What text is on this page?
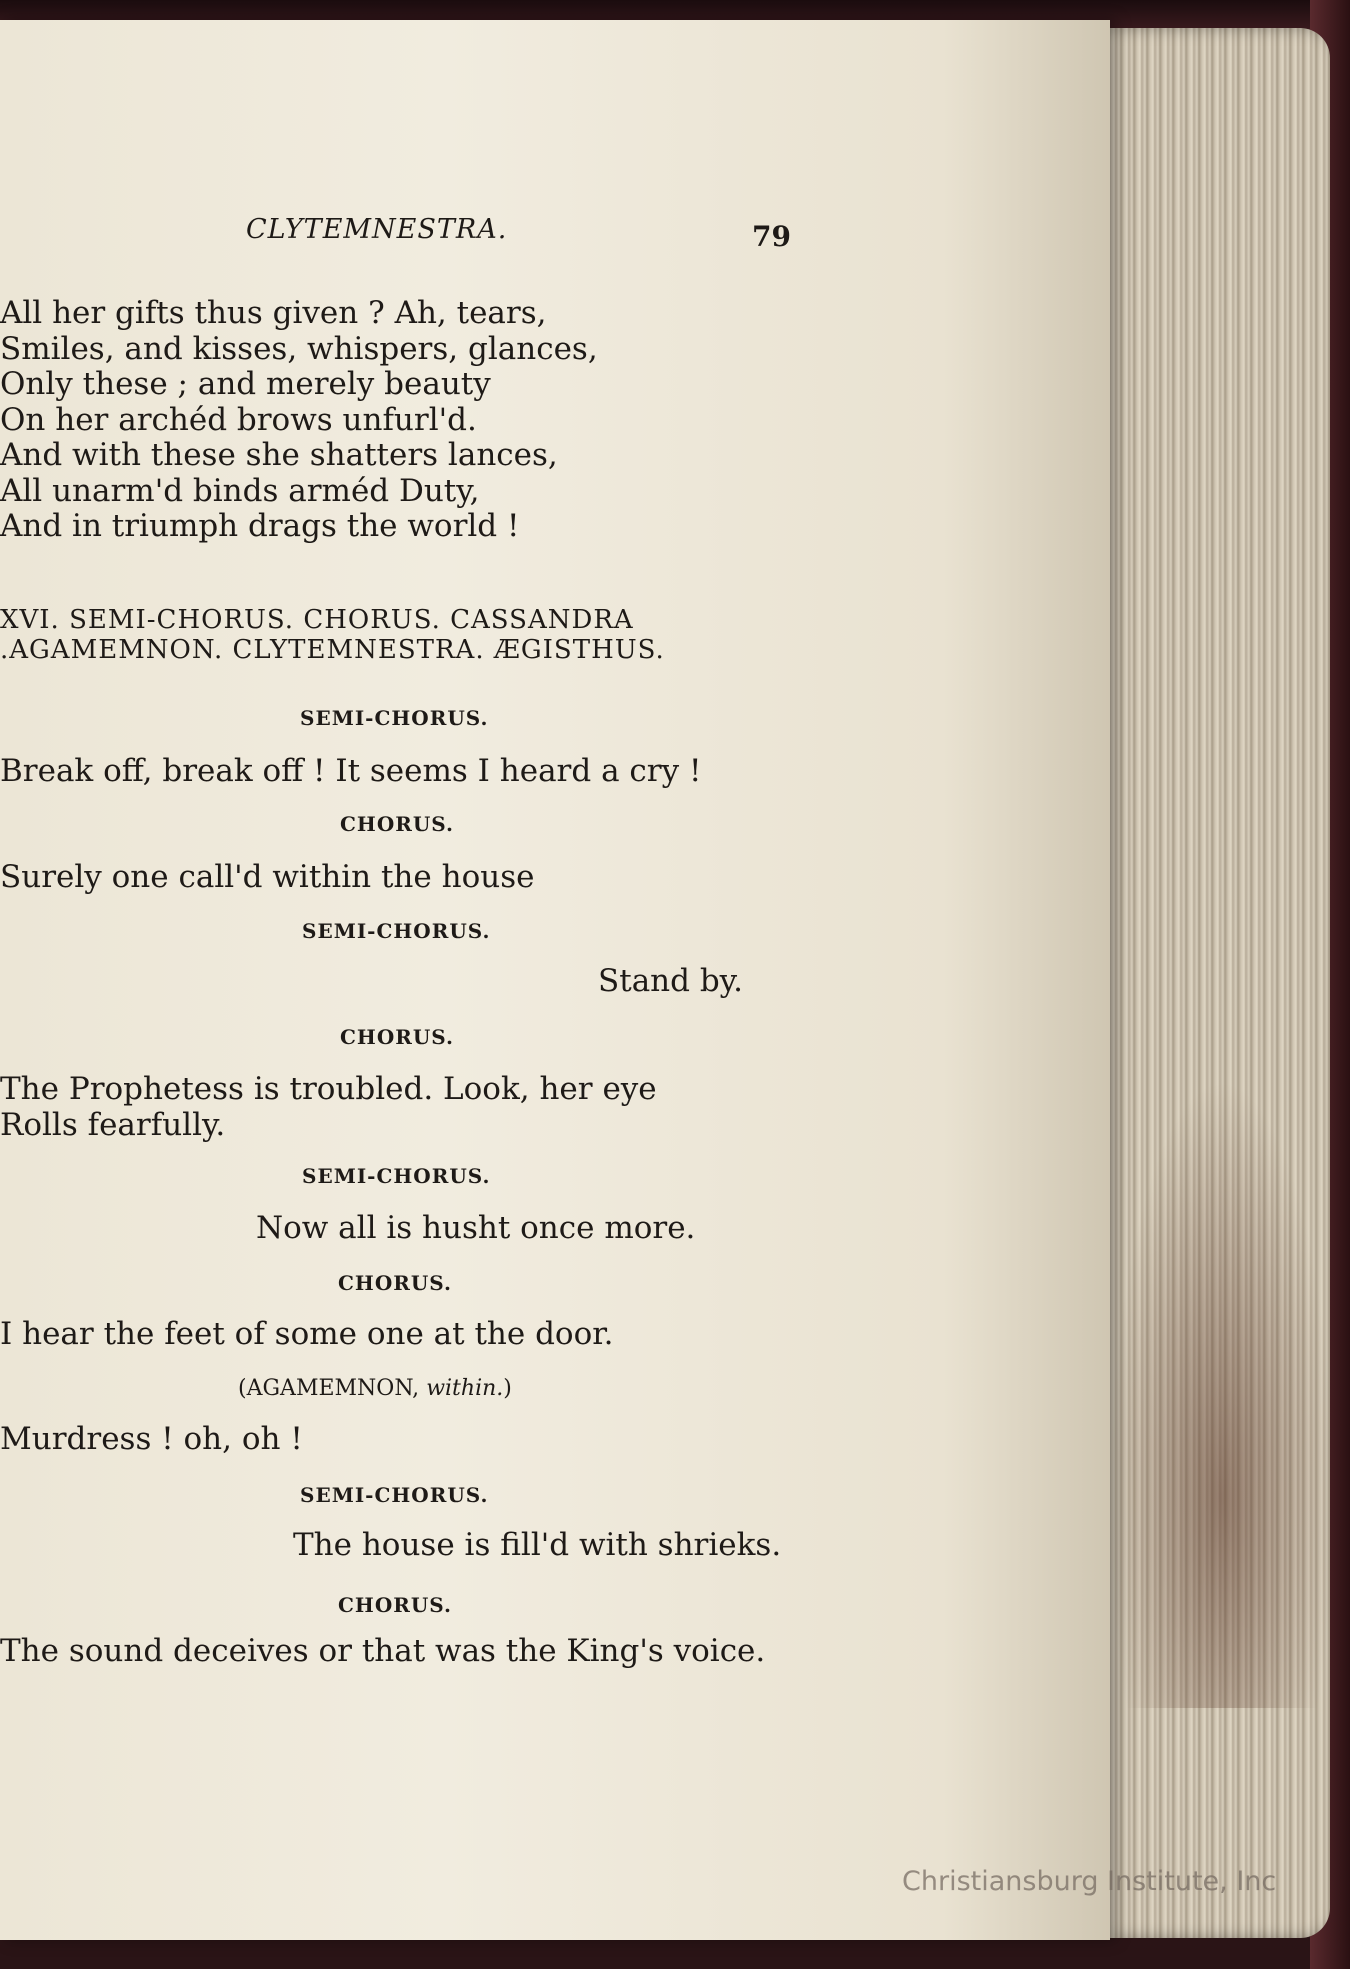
CLYTEMNESTRA.	79
All her gifts thus given ? Ah, tears,
Smiles, and kisses, whispers, glances,
Only these ; and merely beauty
On her archéd brows unfurl'd.
And with these she shatters lances,
All unarm'd binds arméd Duty,
And in triumph drags the world !
XVI. SEMI-CHORUS. CHORUS. CASSANDRA
.AGAMEMNON. CLYTEMNESTRA. ÆGISTHUS.
SEMI-CHORUS.
Break off, break off ! It seems I heard a cry !
CHORUS.
Surely one call'd within the house
SEMI-CHORUS.
Stand by.
CHORUS.
The Prophetess is troubled. Look, her eye
Rolls fearfully.
SEMI-CHORUS.
Now all is husht once more.
CHORUS.
I hear the feet of some one at the door.
(AGAMEMNON, within.)
Murdress ! oh, oh !
SEMI-CHORUS.
The house is fill'd with shrieks.
CHORUS.
The sound deceives or that was the King's voice.
Christiansburg Institute, Inc
